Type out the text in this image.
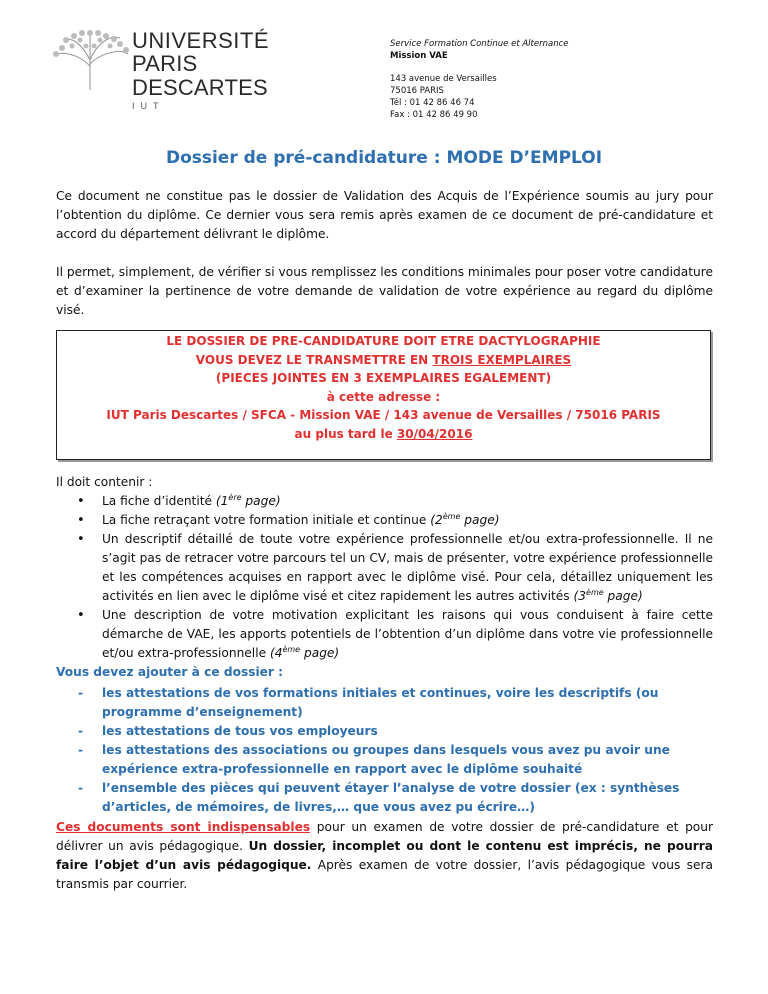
UNIVERSITÉ
PARIS DESCARTES
IUT
Service Formation Continue et Alternance
Mission VAE
143 avenue de Versailles
75016 PARIS
Tél : 01 42 86 46 74
Fax : 01 42 86 49 90
Dossier de pré-candidature : MODE D’EMPLOI
Ce document ne constitue pas le dossier de Validation des Acquis de l’Expérience soumis au jury pour l’obtention du diplôme. Ce dernier vous sera remis après examen de ce document de pré-candidature et accord du département délivrant le diplôme.
Il permet, simplement, de vérifier si vous remplissez les conditions minimales pour poser votre candidature et d’examiner la pertinence de votre demande de validation de votre expérience au regard du diplôme visé.
LE DOSSIER DE PRE-CANDIDATURE DOIT ETRE DACTYLOGRAPHIE
VOUS DEVEZ LE TRANSMETTRE EN TROIS EXEMPLAIRES
(PIECES JOINTES EN 3 EXEMPLAIRES EGALEMENT)
à cette adresse :
IUT Paris Descartes / SFCA - Mission VAE / 143 avenue de Versailles / 75016 PARIS
au plus tard le 30/04/2016
Il doit contenir :
• La fiche d’identité (1ère page)
• La fiche retraçant votre formation initiale et continue (2ème page)
• Un descriptif détaillé de toute votre expérience professionnelle et/ou extra-professionnelle. Il ne s’agit pas de retracer votre parcours tel un CV, mais de présenter, votre expérience professionnelle et les compétences acquises en rapport avec le diplôme visé. Pour cela, détaillez uniquement les activités en lien avec le diplôme visé et citez rapidement les autres activités (3ème page)
• Une description de votre motivation explicitant les raisons qui vous conduisent à faire cette démarche de VAE, les apports potentiels de l’obtention d’un diplôme dans votre vie professionnelle et/ou extra-professionnelle (4ème page)
Vous devez ajouter à ce dossier :
- les attestations de vos formations initiales et continues, voire les descriptifs (ou programme d’enseignement)
- les attestations de tous vos employeurs
- les attestations des associations ou groupes dans lesquels vous avez pu avoir une expérience extra-professionnelle en rapport avec le diplôme souhaité
- l’ensemble des pièces qui peuvent étayer l’analyse de votre dossier (ex : synthèses d’articles, de mémoires, de livres,… que vous avez pu écrire…)
Ces documents sont indispensables pour un examen de votre dossier de pré-candidature et pour délivrer un avis pédagogique. Un dossier, incomplet ou dont le contenu est imprécis, ne pourra faire l’objet d’un avis pédagogique. Après examen de votre dossier, l’avis pédagogique vous sera transmis par courrier.
